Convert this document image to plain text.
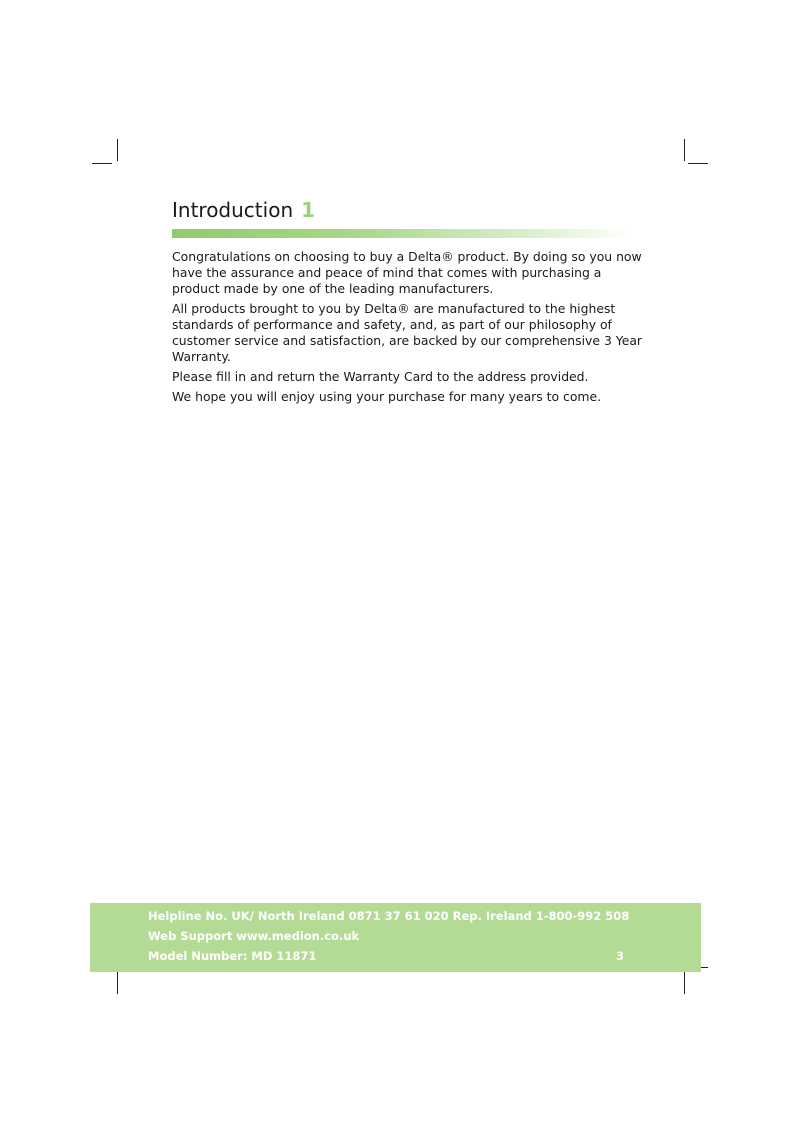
Introduction 1

Congratulations on choosing to buy a Delta® product. By doing so you now have the assurance and peace of mind that comes with purchasing a product made by one of the leading manufacturers.

All products brought to you by Delta® are manufactured to the highest standards of performance and safety, and, as part of our philosophy of customer service and satisfaction, are backed by our comprehensive 3 Year Warranty.

Please fill in and return the Warranty Card to the address provided.

We hope you will enjoy using your purchase for many years to come.

Helpline No. UK/ North Ireland 0871 37 61 020 Rep. Ireland 1-800-992 508
Web Support www.medion.co.uk
Model Number: MD 11871	3
